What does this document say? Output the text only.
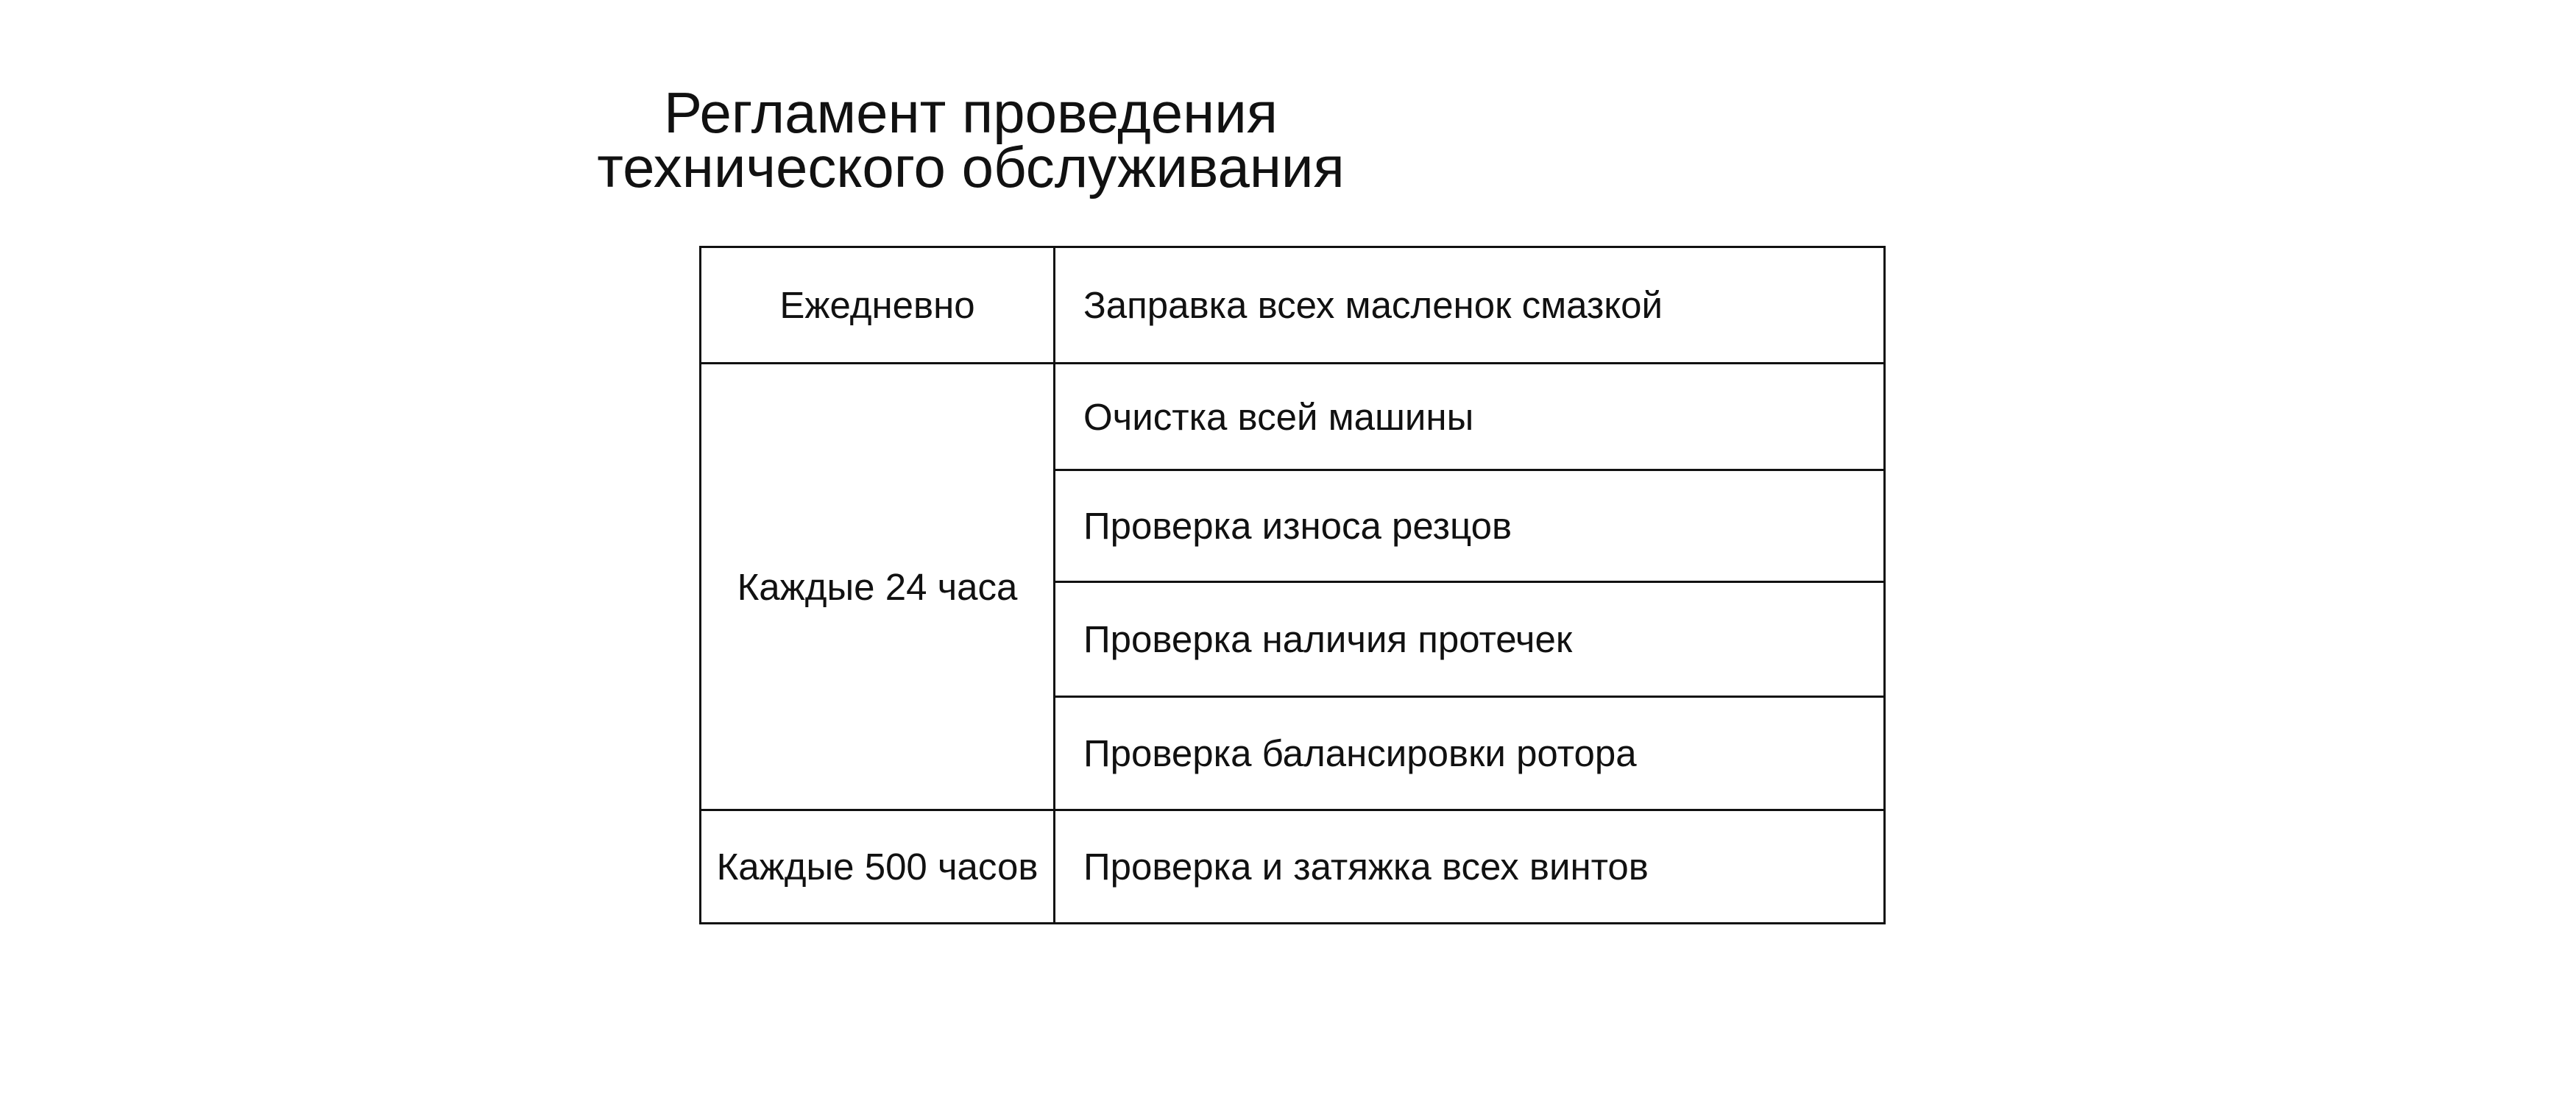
Регламент проведения
технического обслуживания
Ежедневно	Заправка всех масленок смазкой
Каждые 24 часа	Очистка всей машины
	Проверка износа резцов
	Проверка наличия протечек
	Проверка балансировки ротора
Каждые 500 часов	Проверка и затяжка всех винтов
